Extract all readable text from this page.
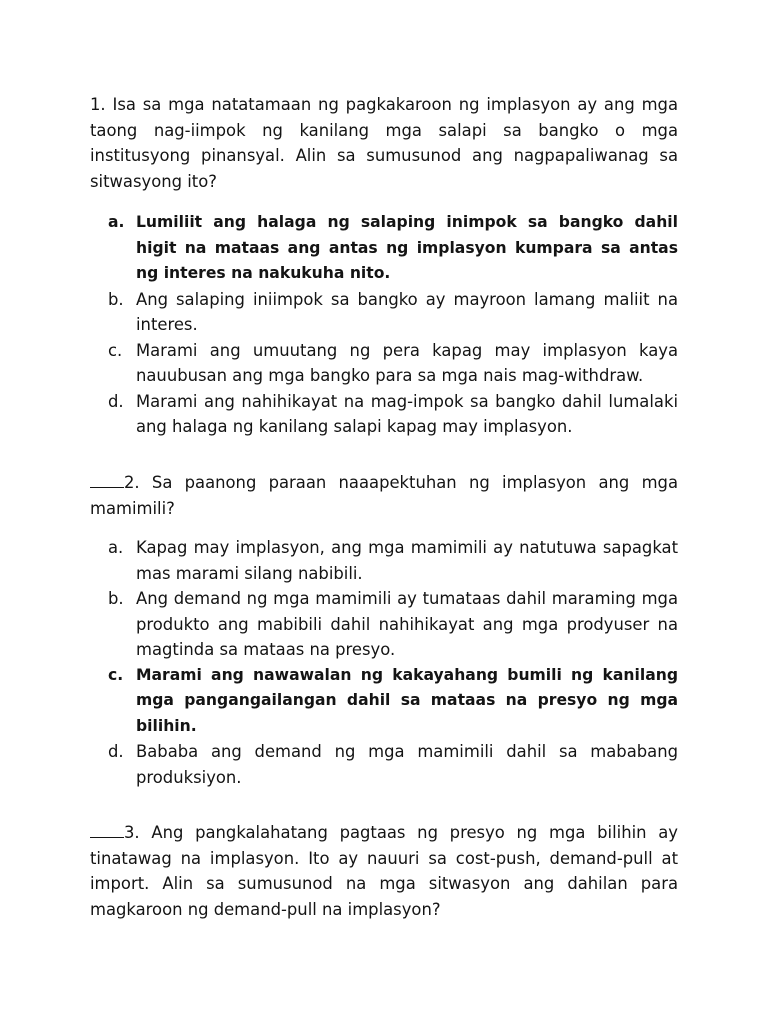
1. Isa sa mga natatamaan ng pagkakaroon ng implasyon ay ang mga taong nag-iimpok ng kanilang mga salapi sa bangko o mga institusyong pinansyal. Alin sa sumusunod ang nagpapaliwanag sa sitwasyong ito?

a. Lumiliit ang halaga ng salaping inimpok sa bangko dahil higit na mataas ang antas ng implasyon kumpara sa antas ng interes na nakukuha nito.
b. Ang salaping iniimpok sa bangko ay mayroon lamang maliit na interes.
c. Marami ang umuutang ng pera kapag may implasyon kaya nauubusan ang mga bangko para sa mga nais mag-withdraw.
d. Marami ang nahihikayat na mag-impok sa bangko dahil lumalaki ang halaga ng kanilang salapi kapag may implasyon.

2. Sa paanong paraan naaapektuhan ng implasyon ang mga mamimili?

a. Kapag may implasyon, ang mga mamimili ay natutuwa sapagkat mas marami silang nabibili.
b. Ang demand ng mga mamimili ay tumataas dahil maraming mga produkto ang mabibili dahil nahihikayat ang mga prodyuser na magtinda sa mataas na presyo.
c. Marami ang nawawalan ng kakayahang bumili ng kanilang mga pangangailangan dahil sa mataas na presyo ng mga bilihin.
d. Bababa ang demand ng mga mamimili dahil sa mababang produksiyon.

3. Ang pangkalahatang pagtaas ng presyo ng mga bilihin ay tinatawag na implasyon. Ito ay nauuri sa cost-push, demand-pull at import. Alin sa sumusunod na mga sitwasyon ang dahilan para magkaroon ng demand-pull na implasyon?
